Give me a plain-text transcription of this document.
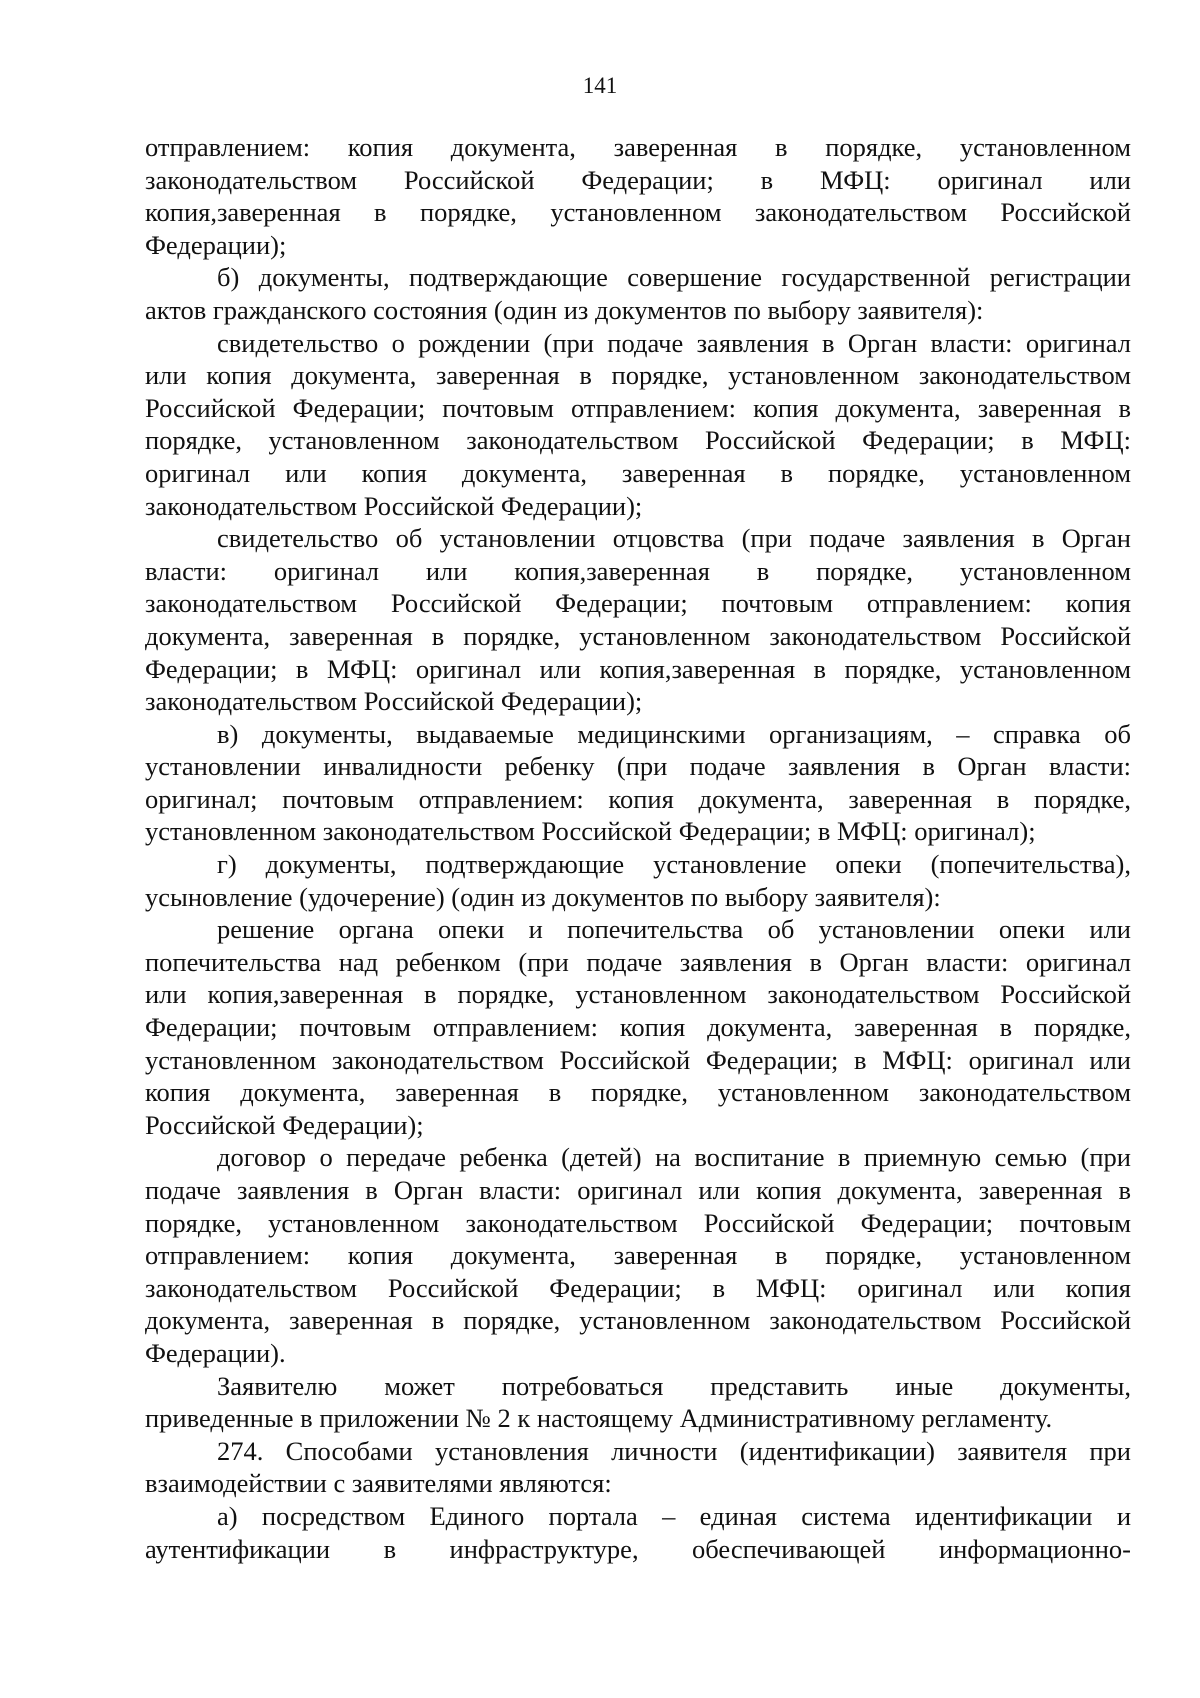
141
отправлением: копия документа, заверенная в порядке, установленном
законодательством Российской Федерации; в МФЦ: оригинал или
копия,заверенная в порядке, установленном законодательством Российской
Федерации);
б) документы, подтверждающие совершение государственной регистрации
актов гражданского состояния (один из документов по выбору заявителя):
свидетельство о рождении (при подаче заявления в Орган власти: оригинал
или копия документа, заверенная в порядке, установленном законодательством
Российской Федерации; почтовым отправлением: копия документа, заверенная в
порядке, установленном законодательством Российской Федерации; в МФЦ:
оригинал или копия документа, заверенная в порядке, установленном
законодательством Российской Федерации);
свидетельство об установлении отцовства (при подаче заявления в Орган
власти: оригинал или копия,заверенная в порядке, установленном
законодательством Российской Федерации; почтовым отправлением: копия
документа, заверенная в порядке, установленном законодательством Российской
Федерации; в МФЦ: оригинал или копия,заверенная в порядке, установленном
законодательством Российской Федерации);
в) документы, выдаваемые медицинскими организациям, – справка об
установлении инвалидности ребенку (при подаче заявления в Орган власти:
оригинал; почтовым отправлением: копия документа, заверенная в порядке,
установленном законодательством Российской Федерации; в МФЦ: оригинал);
г) документы, подтверждающие установление опеки (попечительства),
усыновление (удочерение) (один из документов по выбору заявителя):
решение органа опеки и попечительства об установлении опеки или
попечительства над ребенком (при подаче заявления в Орган власти: оригинал
или копия,заверенная в порядке, установленном законодательством Российской
Федерации; почтовым отправлением: копия документа, заверенная в порядке,
установленном законодательством Российской Федерации; в МФЦ: оригинал или
копия документа, заверенная в порядке, установленном законодательством
Российской Федерации);
договор о передаче ребенка (детей) на воспитание в приемную семью (при
подаче заявления в Орган власти: оригинал или копия документа, заверенная в
порядке, установленном законодательством Российской Федерации; почтовым
отправлением: копия документа, заверенная в порядке, установленном
законодательством Российской Федерации; в МФЦ: оригинал или копия
документа, заверенная в порядке, установленном законодательством Российской
Федерации).
Заявителю может потребоваться представить иные документы,
приведенные в приложении № 2 к настоящему Административному регламенту.
274. Способами установления личности (идентификации) заявителя при
взаимодействии с заявителями являются:
а) посредством Единого портала – единая система идентификации и
аутентификации в инфраструктуре, обеспечивающей информационно-
